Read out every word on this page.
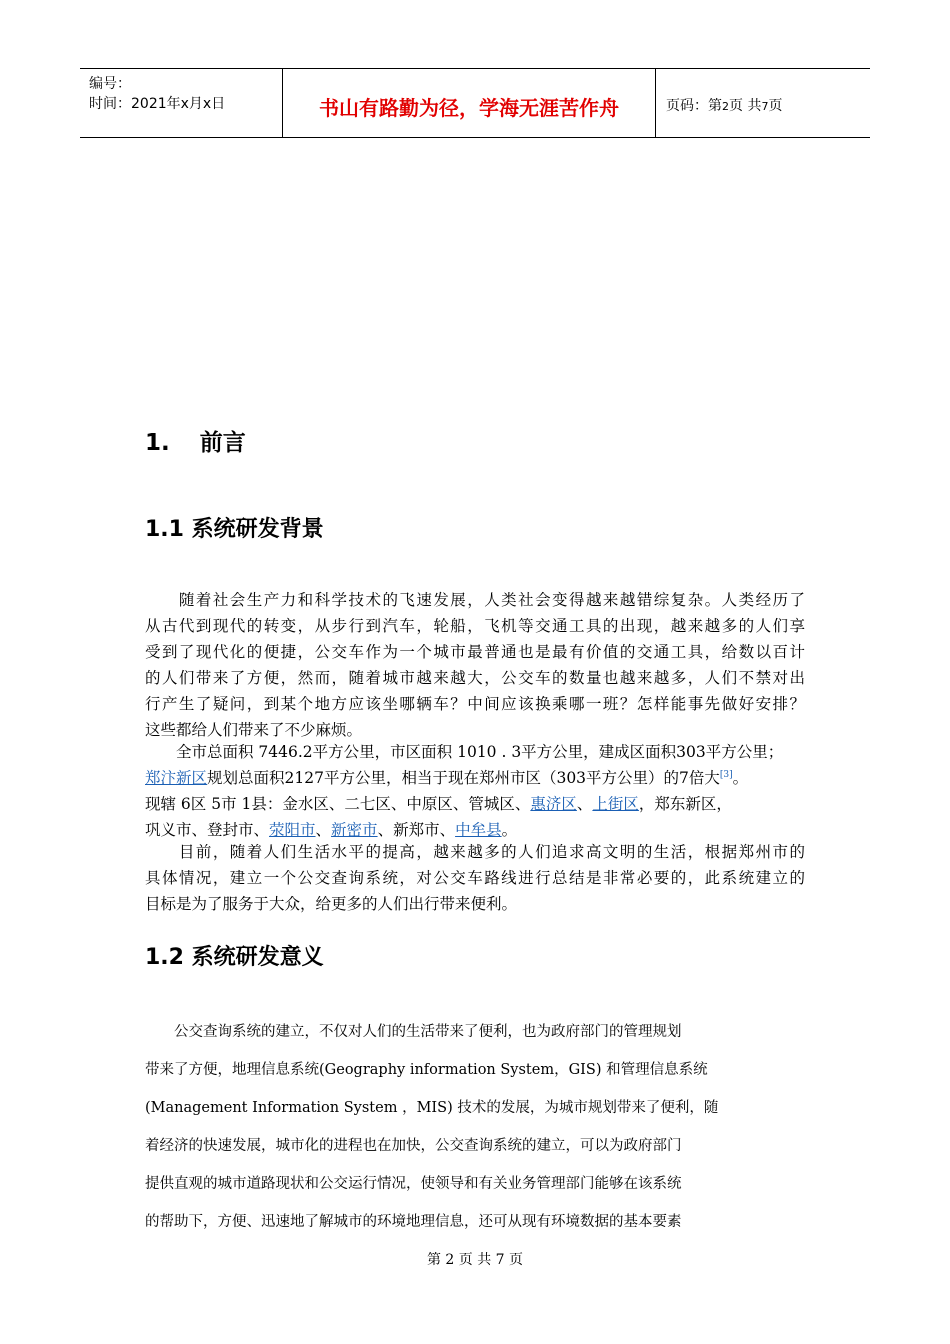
编号：
时间：2021年x月x日	书山有路勤为径，学海无涯苦作舟	页码：第2页 共7页
1. 前言
1.1 系统研发背景
　　随着社会生产力和科学技术的飞速发展，人类社会变得越来越错综复杂。人类经历了
从古代到现代的转变，从步行到汽车，轮船，飞机等交通工具的出现，越来越多的人们享
受到了现代化的便捷，公交车作为一个城市最普通也是最有价值的交通工具，给数以百计
的人们带来了方便，然而，随着城市越来越大，公交车的数量也越来越多，人们不禁对出
行产生了疑问，到某个地方应该坐哪辆车？中间应该换乘哪一班？怎样能事先做好安排？
这些都给人们带来了不少麻烦。
　　全市总面积 7446.2平方公里，市区面积 1010 . 3平方公里，建成区面积303平方公里；
郑汴新区规划总面积2127平方公里，相当于现在郑州市区（303平方公里）的7倍大[3]。
现辖 6区 5市 1县：金水区、二七区、中原区、管城区、惠济区、上街区，郑东新区，
巩义市、登封市、荥阳市、新密市、新郑市、中牟县。
　　目前，随着人们生活水平的提高，越来越多的人们追求高文明的生活，根据郑州市的
具体情况，建立一个公交查询系统，对公交车路线进行总结是非常必要的，此系统建立的
目标是为了服务于大众，给更多的人们出行带来便利。
1.2 系统研发意义
　　公交查询系统的建立，不仅对人们的生活带来了便利，也为政府部门的管理规划
带来了方便，地理信息系统(Geography information System，GIS) 和管理信息系统
(Management Information System ，MIS) 技术的发展，为城市规划带来了便利，随
着经济的快速发展，城市化的进程也在加快，公交查询系统的建立，可以为政府部门
提供直观的城市道路现状和公交运行情况，使领导和有关业务管理部门能够在该系统
的帮助下，方便、迅速地了解城市的环境地理信息，还可从现有环境数据的基本要素
第 2 页 共 7 页
